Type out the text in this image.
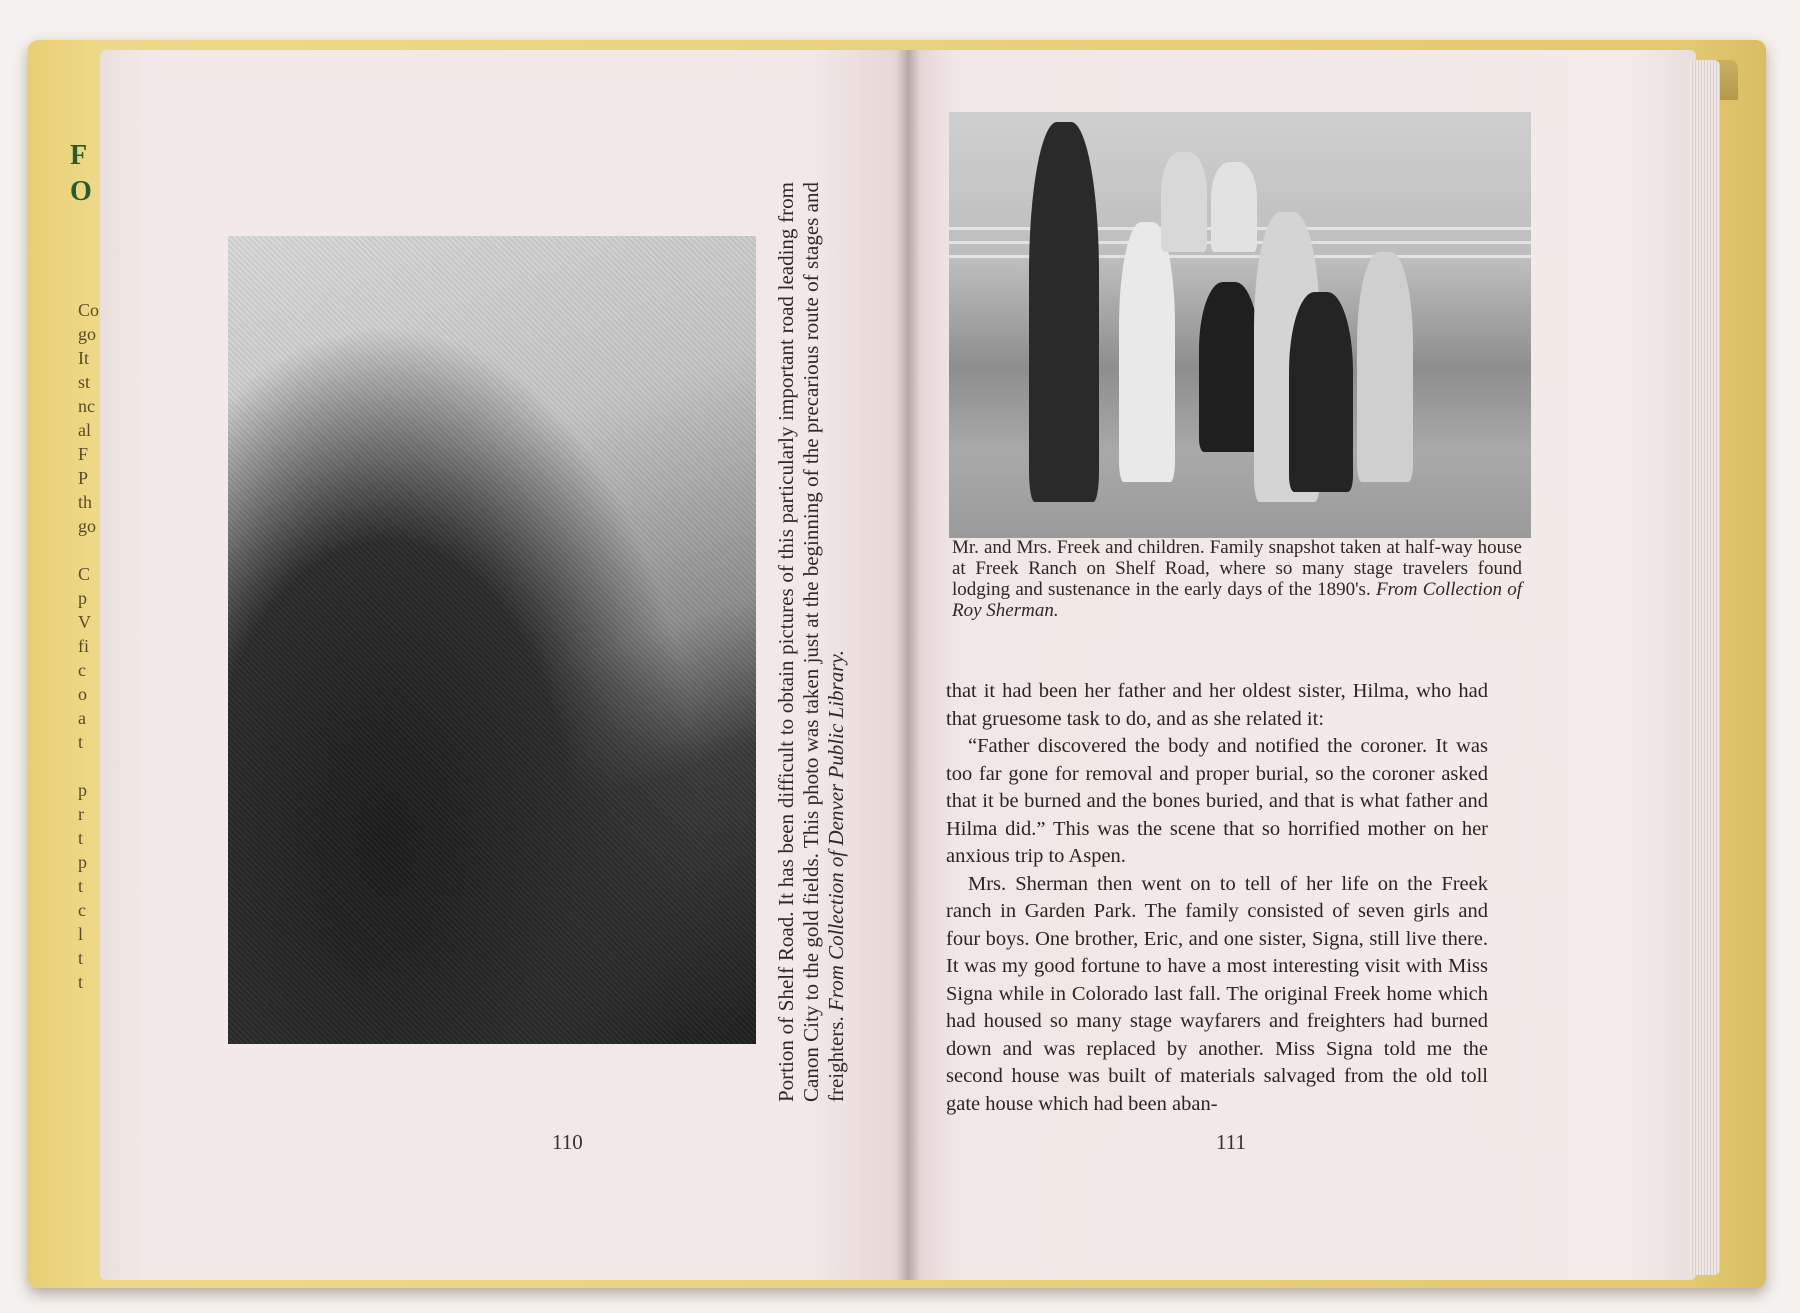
F
O
Co
go
It
st
nc
al
F
P
th
go

C
p
V
fi
c
o
a
t

p
r
t
p
t
c
l
t
t	Portion of Shelf Road. It has been difficult to obtain pictures of this particularly important road leading from Canon City to the gold fields. This photo was taken just at the beginning of the precarious route of stages and freighters. From Collection of Denver Public Library.
110
Mr. and Mrs. Freek and children. Family snapshot taken at half-way house at Freek Ranch on Shelf Road, where so many stage travelers found lodging and sustenance in the early days of the 1890's. From Collection of Roy Sherman.

that it had been her father and her oldest sister, Hilma, who had that gruesome task to do, and as she related it:

“Father discovered the body and notified the coroner. It was too far gone for removal and proper burial, so the coroner asked that it be burned and the bones buried, and that is what father and Hilma did.” This was the scene that so horrified mother on her anxious trip to Aspen.

Mrs. Sherman then went on to tell of her life on the Freek ranch in Garden Park. The family consisted of seven girls and four boys. One brother, Eric, and one sister, Signa, still live there. It was my good fortune to have a most interesting visit with Miss Signa while in Colorado last fall. The original Freek home which had housed so many stage wayfarers and freighters had burned down and was replaced by another. Miss Signa told me the second house was built of materials salvaged from the old toll gate house which had been aban-

111
